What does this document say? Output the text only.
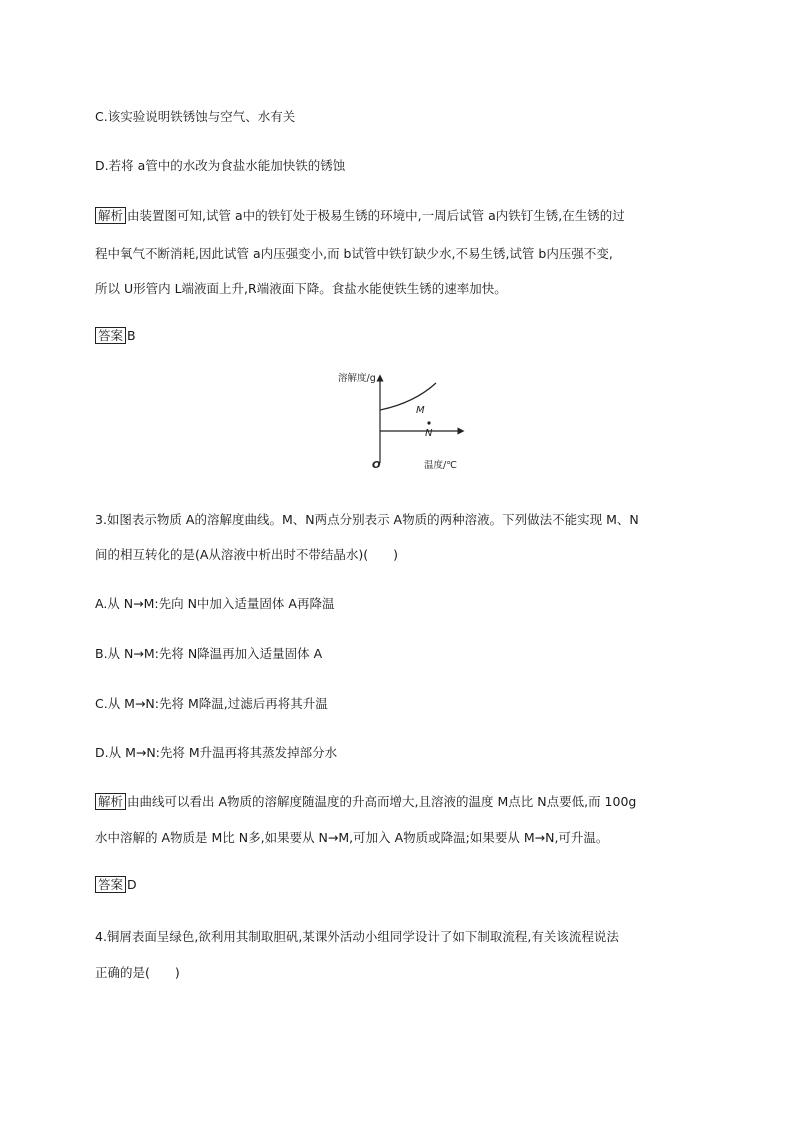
C.该实验说明铁锈蚀与空气、水有关
D.若将 a管中的水改为食盐水能加快铁的锈蚀
解析 由装置图可知,试管 a中的铁钉处于极易生锈的环境中,一周后试管 a内铁钉生锈,在生锈的过
程中氧气不断消耗,因此试管 a内压强变小,而 b试管中铁钉缺少水,不易生锈,试管 b内压强不变,
所以 U形管内 L端液面上升,R端液面下降。食盐水能使铁生锈的速率加快。
答案 B
溶解度/g
温度/℃
O
M
N
3.如图表示物质 A的溶解度曲线。M、N两点分别表示 A物质的两种溶液。下列做法不能实现 M、N
间的相互转化的是(A从溶液中析出时不带结晶水)(　　)
A.从 N→M:先向 N中加入适量固体 A再降温
B.从 N→M:先将 N降温再加入适量固体 A
C.从 M→N:先将 M降温,过滤后再将其升温
D.从 M→N:先将 M升温再将其蒸发掉部分水
解析 由曲线可以看出 A物质的溶解度随温度的升高而增大,且溶液的温度 M点比 N点要低,而 100g
水中溶解的 A物质是 M比 N多,如果要从 N→M,可加入 A物质或降温;如果要从 M→N,可升温。
答案 D
4.铜屑表面呈绿色,欲利用其制取胆矾,某课外活动小组同学设计了如下制取流程,有关该流程说法
正确的是(　　)
